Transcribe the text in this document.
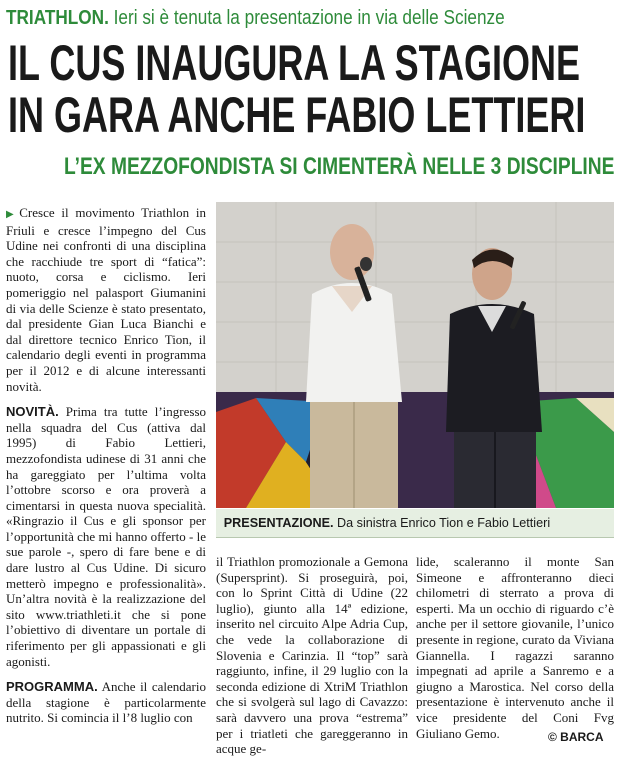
TRIATHLON. Ieri si è tenuta la presentazione in via delle Scienze
IL CUS INAUGURA LA STAGIONE
IN GARA ANCHE FABIO LETTIERI
L’EX MEZZOFONDISTA SI CIMENTERÀ NELLE 3 DISCIPLINE

▶ Cresce il movimento Triathlon in Friuli e cresce l’impegno del Cus Udine nei confronti di una disciplina che racchiude tre sport di “fatica”: nuoto, corsa e ciclismo. Ieri pomeriggio nel palasport Giumanini di via delle Scienze è stato presentato, dal presidente Gian Luca Bianchi e dal direttore tecnico Enrico Tion, il calendario degli eventi in programma per il 2012 e di alcune interessanti novità.

NOVITÀ. Prima tra tutte l’ingresso nella squadra del Cus (attiva dal 1995) di Fabio Lettieri, mezzofondista udinese di 31 anni che ha gareggiato per l’ultima volta l’ottobre scorso e ora proverà a cimentarsi in questa nuova specialità. «Ringrazio il Cus e gli sponsor per l’opportunità che mi hanno offerto - le sue parole -, spero di fare bene e di dare lustro al Cus Udine. Di sicuro metterò impegno e professionalità». Un’altra novità è la realizzazione del sito www.triathleti.it che si pone l’obiettivo di diventare un portale di riferimento per gli appassionati e gli agonisti.

PROGRAMMA. Anche il calendario della stagione è particolarmente nutrito. Si comincia il l’8 luglio con

PRESENTAZIONE. Da sinistra Enrico Tion e Fabio Lettieri

il Triathlon promozionale a Gemona (Supersprint). Si proseguirà, poi, con lo Sprint Città di Udine (22 luglio), giunto alla 14ª edizione, inserito nel circuito Alpe Adria Cup, che vede la collaborazione di Slovenia e Carinzia. Il “top” sarà raggiunto, infine, il 29 luglio con la seconda edizione di XtriM Triathlon che si svolgerà sul lago di Cavazzo: sarà davvero una prova “estrema” per i triatleti che gareggeranno in acque ge-

lide, scaleranno il monte San Simeone e affronteranno dieci chilometri di sterrato a prova di esperti. Ma un occhio di riguardo c’è anche per il settore giovanile, l’unico presente in regione, curato da Viviana Giannella. I ragazzi saranno impegnati ad aprile a Sanremo e a giugno a Marostica. Nel corso della presentazione è intervenuto anche il vice presidente del Coni Fvg Giuliano Gemo.	© BARCA
